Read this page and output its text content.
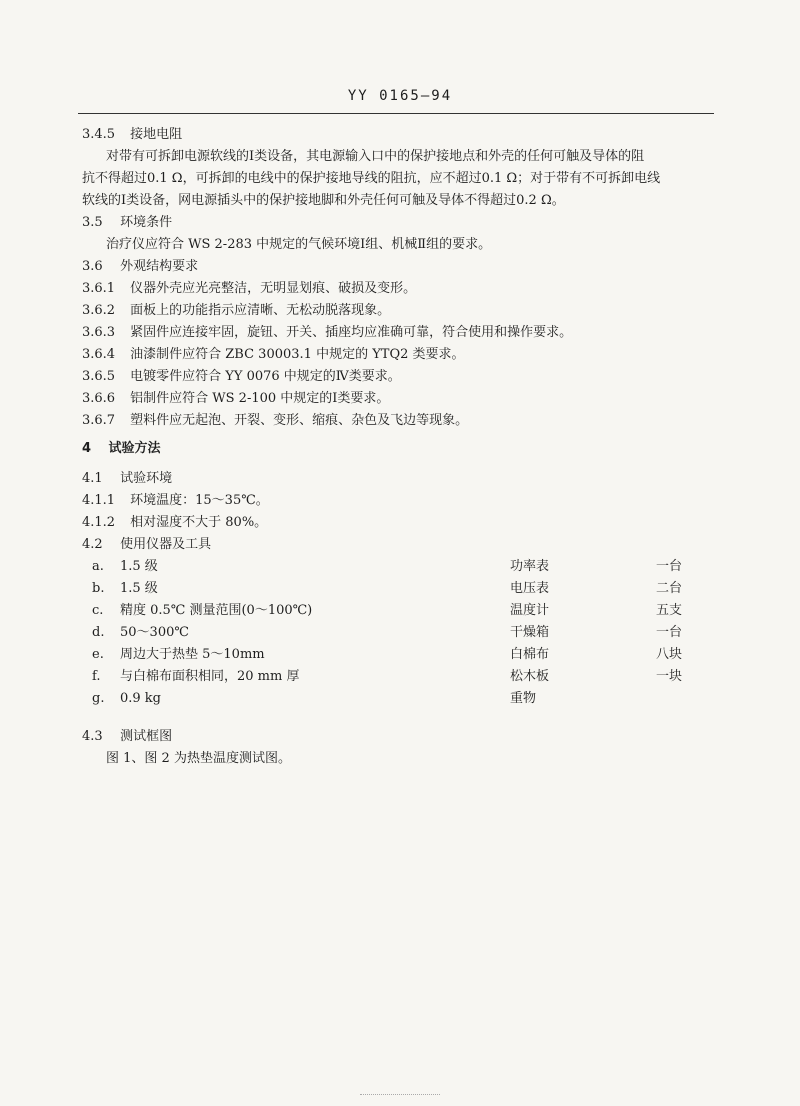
YY 0165—94
3.4.5 接地电阻
对带有可拆卸电源软线的Ⅰ类设备，其电源输入口中的保护接地点和外壳的任何可触及导体的阻
抗不得超过0.1 Ω，可拆卸的电线中的保护接地导线的阻抗，应不超过0.1 Ω；对于带有不可拆卸电线
软线的Ⅰ类设备，网电源插头中的保护接地脚和外壳任何可触及导体不得超过0.2 Ω。
3.5 环境条件
治疗仪应符合 WS 2-283 中规定的气候环境Ⅰ组、机械Ⅱ组的要求。
3.6 外观结构要求
3.6.1 仪器外壳应光亮整洁，无明显划痕、破损及变形。
3.6.2 面板上的功能指示应清晰、无松动脱落现象。
3.6.3 紧固件应连接牢固，旋钮、开关、插座均应准确可靠，符合使用和操作要求。
3.6.4 油漆制件应符合 ZBC 30003.1 中规定的 YTQ2 类要求。
3.6.5 电镀零件应符合 YY 0076 中规定的Ⅳ类要求。
3.6.6 铝制件应符合 WS 2-100 中规定的Ⅰ类要求。
3.6.7 塑料件应无起泡、开裂、变形、缩痕、杂色及飞边等现象。
4 试验方法
4.1 试验环境
4.1.1 环境温度：15～35℃。
4.1.2 相对湿度不大于 80%。
4.2 使用仪器及工具
a. 1.5 级	功率表	一台
b. 1.5 级	电压表	二台
c. 精度 0.5℃ 测量范围(0～100℃)	温度计	五支
d. 50～300℃	干燥箱	一台
e. 周边大于热垫 5～10mm	白棉布	八块
f. 与白棉布面积相同，20 mm 厚	松木板	一块
g. 0.9 kg	重物
4.3 测试框图
图 1、图 2 为热垫温度测试图。
